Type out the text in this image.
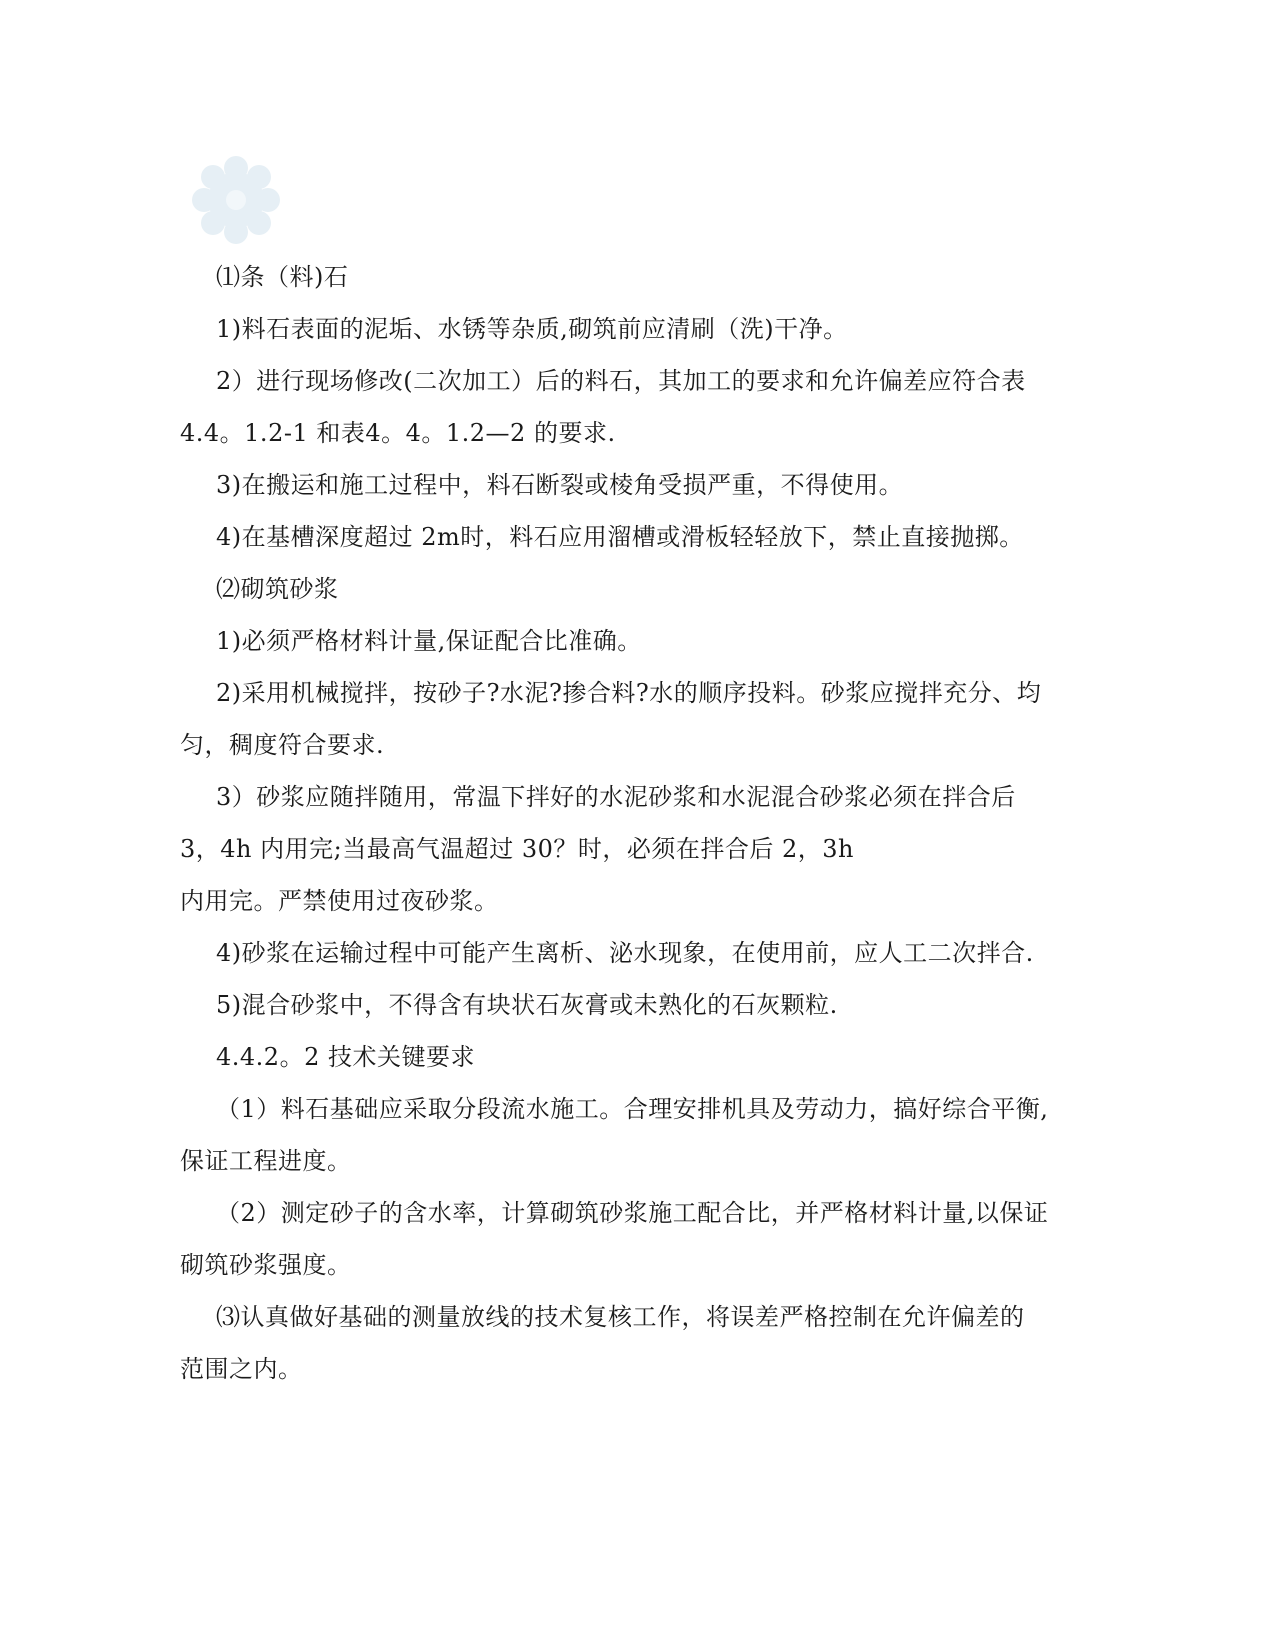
⑴条（料)石
1)料石表面的泥垢、水锈等杂质,砌筑前应清刷（洗)干净。
2）进行现场修改(二次加工）后的料石，其加工的要求和允许偏差应符合表
4.4。1.2-1 和表4。4。1.2—2 的要求.
3)在搬运和施工过程中，料石断裂或棱角受损严重，不得使用。
4)在基槽深度超过 2m时，料石应用溜槽或滑板轻轻放下，禁止直接抛掷。
⑵砌筑砂浆
1)必须严格材料计量,保证配合比准确。
2)采用机械搅拌，按砂子?水泥?掺合料?水的顺序投料。砂浆应搅拌充分、均
匀，稠度符合要求.
3）砂浆应随拌随用，常温下拌好的水泥砂浆和水泥混合砂浆必须在拌合后
3，4h 内用完;当最高气温超过 30？时，必须在拌合后 2，3h
内用完。严禁使用过夜砂浆。
4)砂浆在运输过程中可能产生离析、泌水现象，在使用前，应人工二次拌合.
5)混合砂浆中，不得含有块状石灰膏或未熟化的石灰颗粒.
4.4.2。2 技术关键要求
（1）料石基础应采取分段流水施工。合理安排机具及劳动力，搞好综合平衡,
保证工程进度。
（2）测定砂子的含水率，计算砌筑砂浆施工配合比，并严格材料计量,以保证
砌筑砂浆强度。
⑶认真做好基础的测量放线的技术复核工作，将误差严格控制在允许偏差的
范围之内。
